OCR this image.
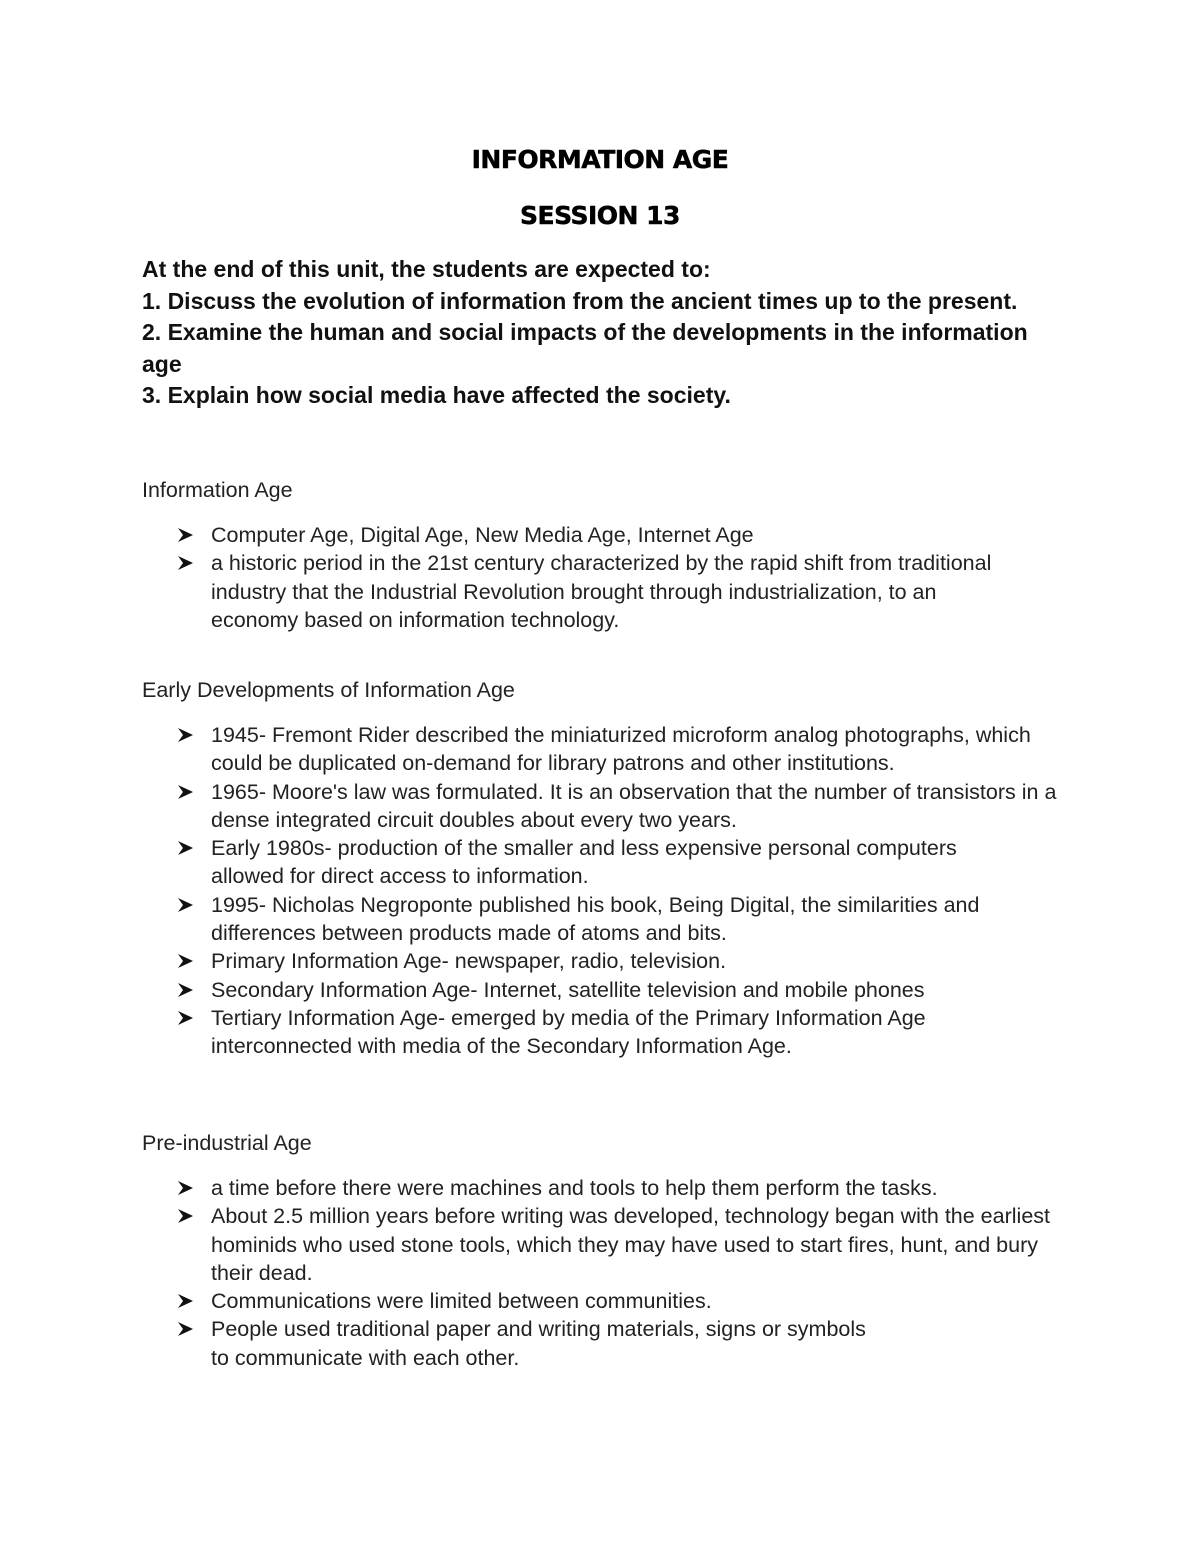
INFORMATION AGE
SESSION 13
At the end of this unit, the students are expected to:
1. Discuss the evolution of information from the ancient times up to the present.
2. Examine the human and social impacts of the developments in the information age
3. Explain how social media have affected the society.
Information Age
Computer Age, Digital Age, New Media Age, Internet Age
a historic period in the 21st century characterized by the rapid shift from traditional industry that the Industrial Revolution brought through industrialization, to an economy based on information technology.
Early Developments of Information Age
1945- Fremont Rider described the miniaturized microform analog photographs, which could be duplicated on-demand for library patrons and other institutions.
1965- Moore's law was formulated. It is an observation that the number of transistors in a dense integrated circuit doubles about every two years.
Early 1980s- production of the smaller and less expensive personal computers allowed for direct access to information.
1995- Nicholas Negroponte published his book, Being Digital, the similarities and differences between products made of atoms and bits.
Primary Information Age- newspaper, radio, television.
Secondary Information Age- Internet, satellite television and mobile phones
Tertiary Information Age- emerged by media of the Primary Information Age interconnected with media of the Secondary Information Age.
Pre-industrial Age
a time before there were machines and tools to help them perform the tasks.
About 2.5 million years before writing was developed, technology began with the earliest hominids who used stone tools, which they may have used to start fires, hunt, and bury their dead.
Communications were limited between communities.
People used traditional paper and writing materials, signs or symbols to communicate with each other.
